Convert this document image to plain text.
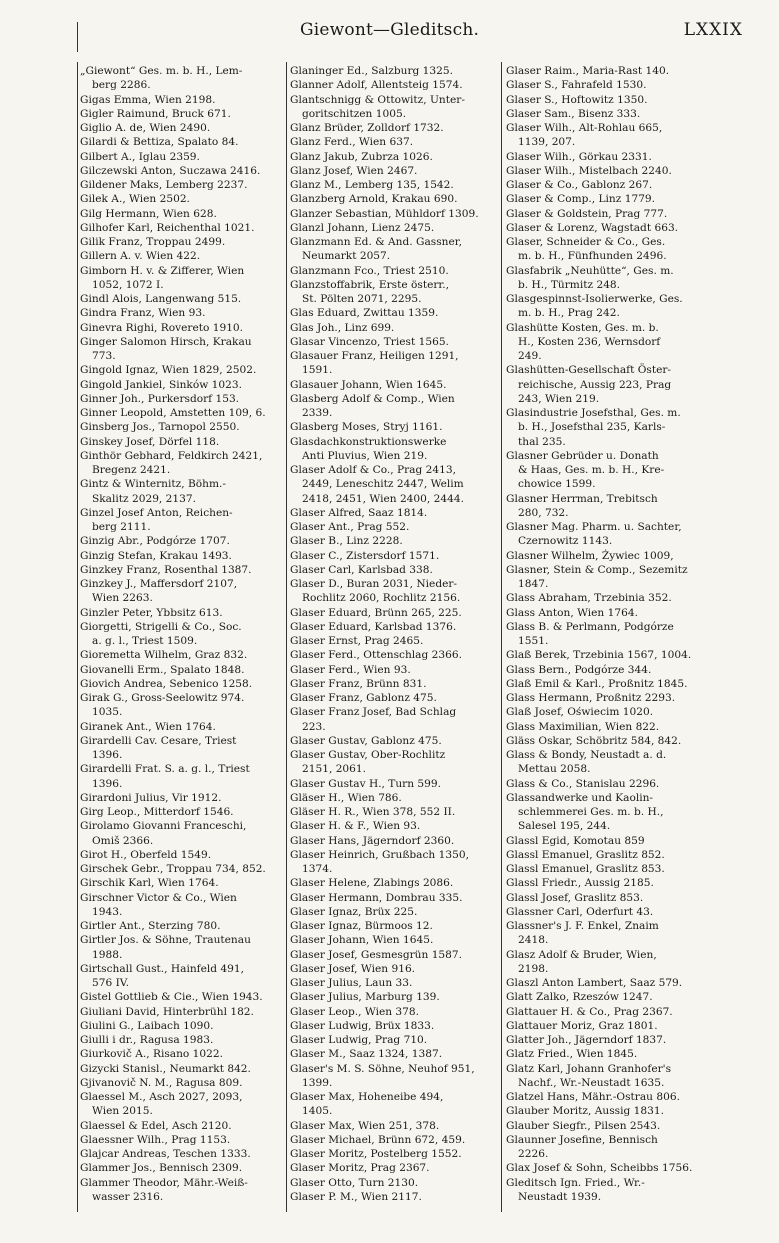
Giewont—Gleditsch.	LXXIX
„Giewont“ Ges. m. b. H., Lem-
berg 2286.
Gigas Emma, Wien 2198.
Gigler Raimund, Bruck 671.
Giglio A. de, Wien 2490.
Gilardi & Bettiza, Spalato 84.
Gilbert A., Iglau 2359.
Gilczewski Anton, Suczawa 2416.
Gildener Maks, Lemberg 2237.
Gilek A., Wien 2502.
Gilg Hermann, Wien 628.
Gilhofer Karl, Reichenthal 1021.
Gilik Franz, Troppau 2499.
Gillern A. v. Wien 422.
Gimborn H. v. & Zifferer, Wien
1052, 1072 I.
Gindl Alois, Langenwang 515.
Gindra Franz, Wien 93.
Ginevra Righi, Rovereto 1910.
Ginger Salomon Hirsch, Krakau
773.
Gingold Ignaz, Wien 1829, 2502.
Gingold Jankiel, Sinków 1023.
Ginner Joh., Purkersdorf 153.
Ginner Leopold, Amstetten 109, 6.
Ginsberg Jos., Tarnopol 2550.
Ginskey Josef, Dörfel 118.
Ginthör Gebhard, Feldkirch 2421,
Bregenz 2421.
Gintz & Winternitz, Böhm.-
Skalitz 2029, 2137.
Ginzel Josef Anton, Reichen-
berg 2111.
Ginzig Abr., Podgórze 1707.
Ginzig Stefan, Krakau 1493.
Ginzkey Franz, Rosenthal 1387.
Ginzkey J., Maffersdorf 2107,
Wien 2263.
Ginzler Peter, Ybbsitz 613.
Giorgetti, Strigelli & Co., Soc.
a. g. l., Triest 1509.
Gioremetta Wilhelm, Graz 832.
Giovanelli Erm., Spalato 1848.
Giovich Andrea, Sebenico 1258.
Girak G., Gross-Seelowitz 974.
1035.
Giranek Ant., Wien 1764.
Girardelli Cav. Cesare, Triest
1396.
Girardelli Frat. S. a. g. l., Triest
1396.
Girardoni Julius, Vir 1912.
Girg Leop., Mitterdorf 1546.
Girolamo Giovanni Franceschi,
Omiš 2366.
Girot H., Oberfeld 1549.
Girschek Gebr., Troppau 734, 852.
Girschik Karl, Wien 1764.
Girschner Victor & Co., Wien
1943.
Girtler Ant., Sterzing 780.
Girtler Jos. & Söhne, Trautenau
1988.
Girtschall Gust., Hainfeld 491,
576 IV.
Gistel Gottlieb & Cie., Wien 1943.
Giuliani David, Hinterbrühl 182.
Giulini G., Laibach 1090.
Giulli i dr., Ragusa 1983.
Giurkovič A., Risano 1022.
Gizycki Stanisl., Neumarkt 842.
Gjivanovič N. M., Ragusa 809.
Glaessel M., Asch 2027, 2093,
Wien 2015.
Glaessel & Edel, Asch 2120.
Glaessner Wilh., Prag 1153.
Glajcar Andreas, Teschen 1333.
Glammer Jos., Bennisch 2309.
Glammer Theodor, Mähr.-Weiß-
wasser 2316.
Glaninger Ed., Salzburg 1325.
Glanner Adolf, Allentsteig 1574.
Glantschnigg & Ottowitz, Unter-
goritschitzen 1005.
Glanz Brüder, Zolldorf 1732.
Glanz Ferd., Wien 637.
Glanz Jakub, Zubrza 1026.
Glanz Josef, Wien 2467.
Glanz M., Lemberg 135, 1542.
Glanzberg Arnold, Krakau 690.
Glanzer Sebastian, Mühldorf 1309.
Glanzl Johann, Lienz 2475.
Glanzmann Ed. & And. Gassner,
Neumarkt 2057.
Glanzmann Fco., Triest 2510.
Glanzstoffabrik, Erste österr.,
St. Pölten 2071, 2295.
Glas Eduard, Zwittau 1359.
Glas Joh., Linz 699.
Glasar Vincenzo, Triest 1565.
Glasauer Franz, Heiligen 1291,
1591.
Glasauer Johann, Wien 1645.
Glasberg Adolf & Comp., Wien
2339.
Glasberg Moses, Stryj 1161.
Glasdachkonstruktionswerke
Anti Pluvius, Wien 219.
Glaser Adolf & Co., Prag 2413,
2449, Leneschitz 2447, Welim
2418, 2451, Wien 2400, 2444.
Glaser Alfred, Saaz 1814.
Glaser Ant., Prag 552.
Glaser B., Linz 2228.
Glaser C., Zistersdorf 1571.
Glaser Carl, Karlsbad 338.
Glaser D., Buran 2031, Nieder-
Rochlitz 2060, Rochlitz 2156.
Glaser Eduard, Brünn 265, 225.
Glaser Eduard, Karlsbad 1376.
Glaser Ernst, Prag 2465.
Glaser Ferd., Ottenschlag 2366.
Glaser Ferd., Wien 93.
Glaser Franz, Brünn 831.
Glaser Franz, Gablonz 475.
Glaser Franz Josef, Bad Schlag
223.
Glaser Gustav, Gablonz 475.
Glaser Gustav, Ober-Rochlitz
2151, 2061.
Glaser Gustav H., Turn 599.
Gläser H., Wien 786.
Gläser H. R., Wien 378, 552 II.
Glaser H. & F., Wien 93.
Glaser Hans, Jägerndorf 2360.
Glaser Heinrich, Grußbach 1350,
1374.
Glaser Helene, Zlabings 2086.
Glaser Hermann, Dombrau 335.
Glaser Ignaz, Brüx 225.
Glaser Ignaz, Bürmoos 12.
Glaser Johann, Wien 1645.
Glaser Josef, Gesmesgrün 1587.
Glaser Josef, Wien 916.
Glaser Julius, Laun 33.
Glaser Julius, Marburg 139.
Glaser Leop., Wien 378.
Glaser Ludwig, Brüx 1833.
Glaser Ludwig, Prag 710.
Glaser M., Saaz 1324, 1387.
Glaser's M. S. Söhne, Neuhof 951,
1399.
Glaser Max, Hoheneibe 494,
1405.
Glaser Max, Wien 251, 378.
Glaser Michael, Brünn 672, 459.
Glaser Moritz, Postelberg 1552.
Glaser Moritz, Prag 2367.
Glaser Otto, Turn 2130.
Glaser P. M., Wien 2117.
Glaser Raim., Maria-Rast 140.
Glaser S., Fahrafeld 1530.
Glaser S., Hoftowitz 1350.
Glaser Sam., Bisenz 333.
Glaser Wilh., Alt-Rohlau 665,
1139, 207.
Glaser Wilh., Görkau 2331.
Glaser Wilh., Mistelbach 2240.
Glaser & Co., Gablonz 267.
Glaser & Comp., Linz 1779.
Glaser & Goldstein, Prag 777.
Glaser & Lorenz, Wagstadt 663.
Glaser, Schneider & Co., Ges.
m. b. H., Fünfhunden 2496.
Glasfabrik „Neuhütte“, Ges. m.
b. H., Türmitz 248.
Glasgespinnst-Isolierwerke, Ges.
m. b. H., Prag 242.
Glashütte Kosten, Ges. m. b.
H., Kosten 236, Wernsdorf
249.
Glashütten-Gesellschaft Öster-
reichische, Aussig 223, Prag
243, Wien 219.
Glasindustrie Josefsthal, Ges. m.
b. H., Josefsthal 235, Karls-
thal 235.
Glasner Gebrüder u. Donath
& Haas, Ges. m. b. H., Kre-
chowice 1599.
Glasner Herrman, Trebitsch
280, 732.
Glasner Mag. Pharm. u. Sachter,
Czernowitz 1143.
Glasner Wilhelm, Żywiec 1009,
Glasner, Stein & Comp., Sezemitz
1847.
Glass Abraham, Trzebinia 352.
Glass Anton, Wien 1764.
Glass B. & Perlmann, Podgórze
1551.
Glaß Berek, Trzebinia 1567, 1004.
Glass Bern., Podgórze 344.
Glaß Emil & Karl., Proßnitz 1845.
Glass Hermann, Proßnitz 2293.
Glaß Josef, Oświecim 1020.
Glass Maximilian, Wien 822.
Gläss Oskar, Schöbritz 584, 842.
Glass & Bondy, Neustadt a. d.
Mettau 2058.
Glass & Co., Stanislau 2296.
Glassandwerke und Kaolin-
schlemmerei Ges. m. b. H.,
Salesel 195, 244.
Glassl Egid, Komotau 859
Glassl Emanuel, Graslitz 852.
Glassl Emanuel, Graslitz 853.
Glassl Friedr., Aussig 2185.
Glassl Josef, Graslitz 853.
Glassner Carl, Oderfurt 43.
Glassner's J. F. Enkel, Znaim
2418.
Glasz Adolf & Bruder, Wien,
2198.
Glaszl Anton Lambert, Saaz 579.
Glatt Zalko, Rzeszów 1247.
Glattauer H. & Co., Prag 2367.
Glattauer Moriz, Graz 1801.
Glatter Joh., Jägerndorf 1837.
Glatz Fried., Wien 1845.
Glatz Karl, Johann Granhofer's
Nachf., Wr.-Neustadt 1635.
Glatzel Hans, Mähr.-Ostrau 806.
Glauber Moritz, Aussig 1831.
Glauber Siegfr., Pilsen 2543.
Glaunner Josefine, Bennisch
2226.
Glax Josef & Sohn, Scheibbs 1756.
Gleditsch Ign. Fried., Wr.-
Neustadt 1939.
